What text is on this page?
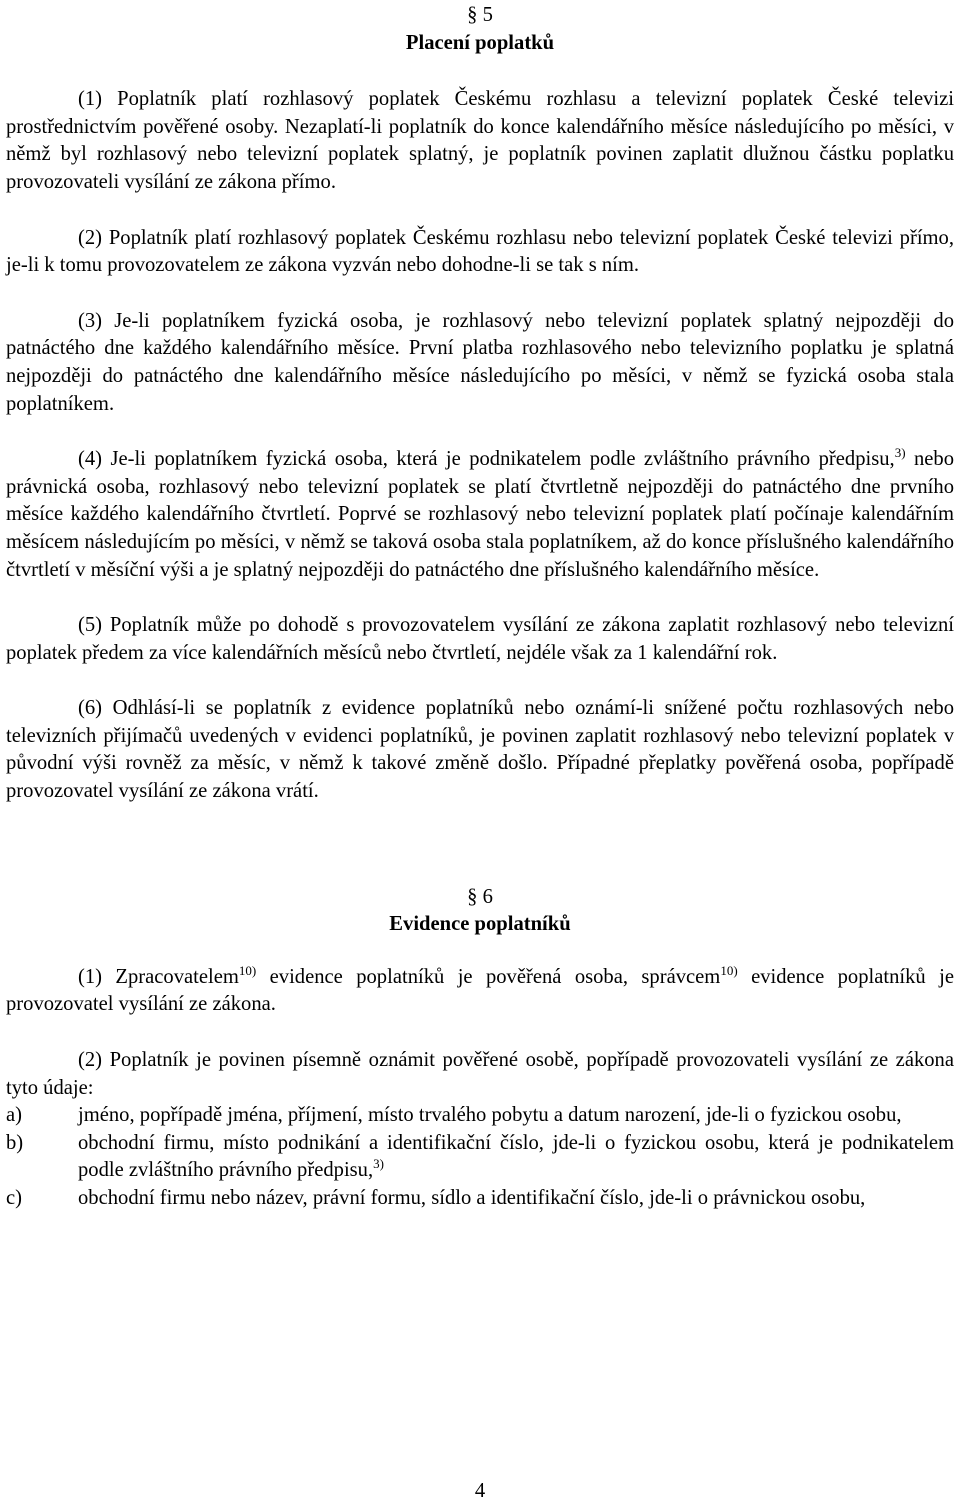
§ 5
Placení poplatků

(1) Poplatník platí rozhlasový poplatek Českému rozhlasu a televizní poplatek České televizi prostřednictvím pověřené osoby. Nezaplatí-li poplatník do konce kalendářního měsíce následujícího po měsíci, v němž byl rozhlasový nebo televizní poplatek splatný, je poplatník povinen zaplatit dlužnou částku poplatku provozovateli vysílání ze zákona přímo.

(2) Poplatník platí rozhlasový poplatek Českému rozhlasu nebo televizní poplatek České televizi přímo, je-li k tomu provozovatelem ze zákona vyzván nebo dohodne-li se tak s ním.

(3) Je-li poplatníkem fyzická osoba, je rozhlasový nebo televizní poplatek splatný nejpozději do patnáctého dne každého kalendářního měsíce. První platba rozhlasového nebo televizního poplatku je splatná nejpozději do patnáctého dne kalendářního měsíce následujícího po měsíci, v němž se fyzická osoba stala poplatníkem.

(4) Je-li poplatníkem fyzická osoba, která je podnikatelem podle zvláštního právního předpisu,$^{3)}$ nebo právnická osoba, rozhlasový nebo televizní poplatek se platí čtvrtletně nejpozději do patnáctého dne prvního měsíce každého kalendářního čtvrtletí. Poprvé se rozhlasový nebo televizní poplatek platí počínaje kalendářním měsícem následujícím po měsíci, v němž se taková osoba stala poplatníkem, až do konce příslušného kalendářního čtvrtletí v měsíční výši a je splatný nejpozději do patnáctého dne příslušného kalendářního měsíce.

(5) Poplatník může po dohodě s provozovatelem vysílání ze zákona zaplatit rozhlasový nebo televizní poplatek předem za více kalendářních měsíců nebo čtvrtletí, nejdéle však za 1 kalendářní rok.

(6) Odhlásí-li se poplatník z evidence poplatníků nebo oznámí-li snížené počtu rozhlasových nebo televizních přijímačů uvedených v evidenci poplatníků, je povinen zaplatit rozhlasový nebo televizní poplatek v původní výši rovněž za měsíc, v němž k takové změně došlo. Případné přeplatky pověřená osoba, popřípadě provozovatel vysílání ze zákona vrátí.

§ 6
Evidence poplatníků

(1) Zpracovatelem$^{10)}$ evidence poplatníků je pověřená osoba, správcem$^{10)}$ evidence poplatníků je provozovatel vysílání ze zákona.

(2) Poplatník je povinen písemně oznámit pověřené osobě, popřípadě provozovateli vysílání ze zákona tyto údaje:

a)	jméno, popřípadě jména, příjmení, místo trvalého pobytu a datum narození, jde-li o fyzickou osobu,
b)	obchodní firmu, místo podnikání a identifikační číslo, jde-li o fyzickou osobu, která je podnikatelem podle zvláštního právního předpisu,$^{3)}$
c)	obchodní firmu nebo název, právní formu, sídlo a identifikační číslo, jde-li o právnickou osobu,
4
